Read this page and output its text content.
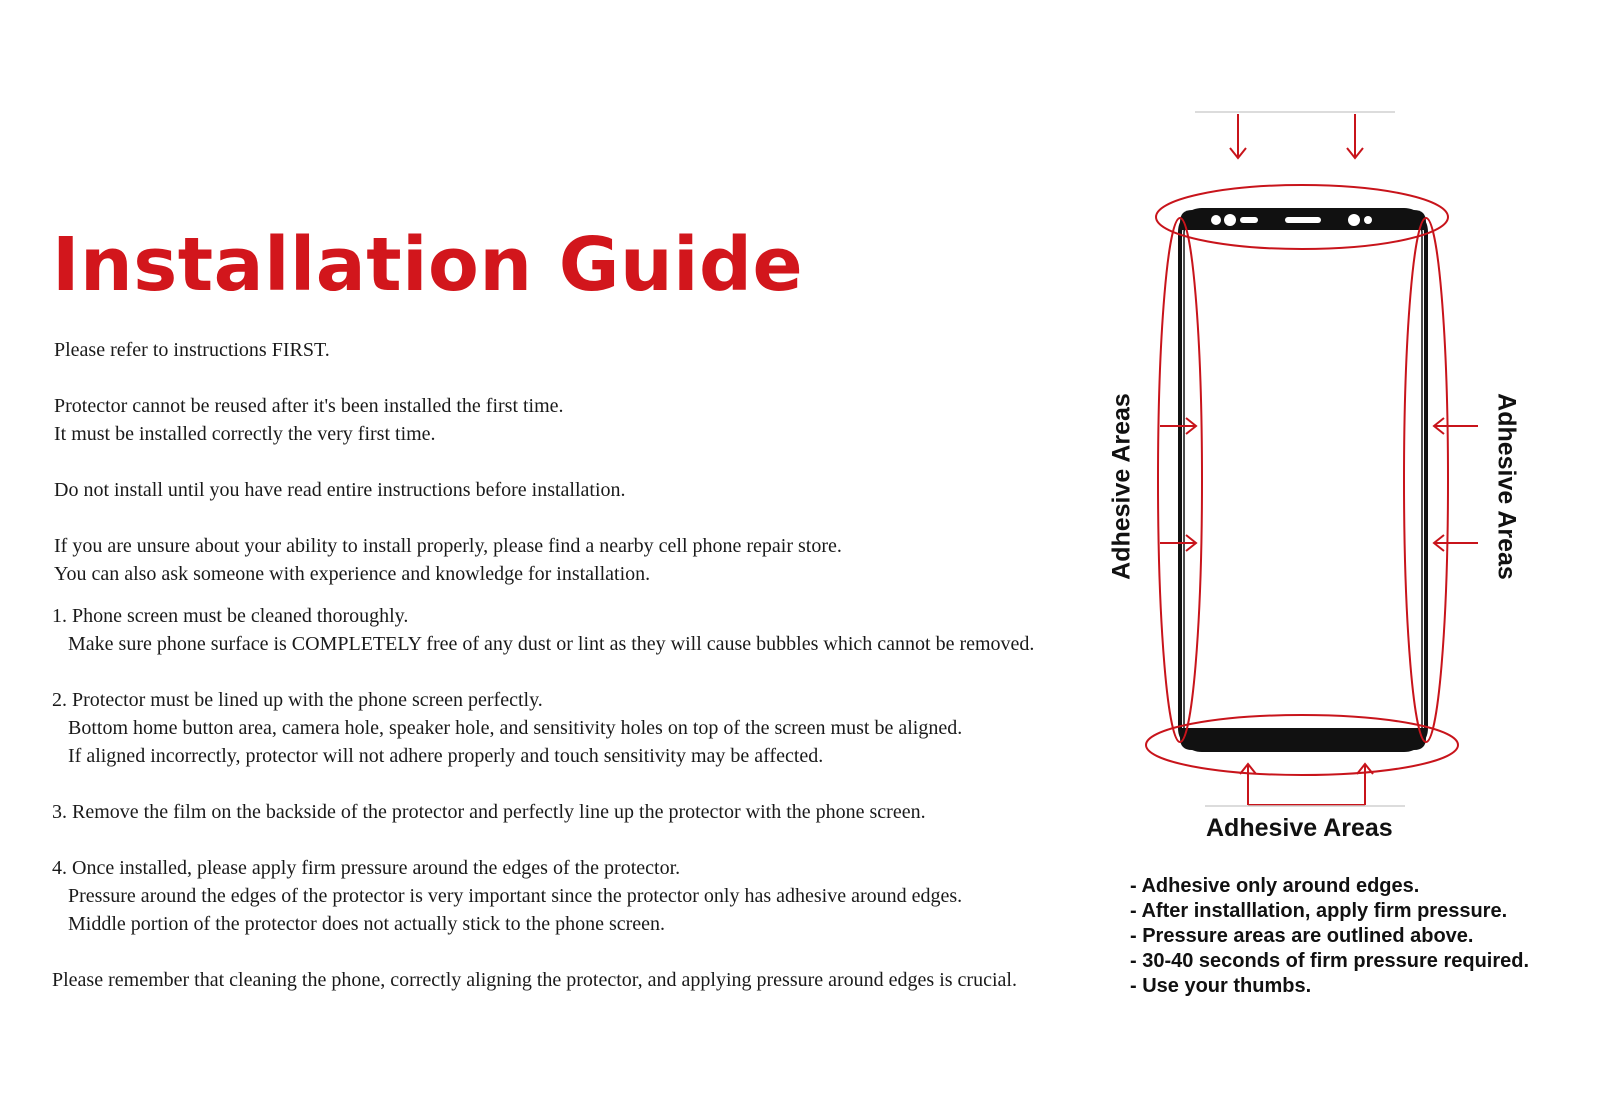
Installation Guide
Please refer to instructions FIRST.
Protector cannot be reused after it's been installed the first time.
It must be installed correctly the very first time.
Do not install until you have read entire instructions before installation.
If you are unsure about your ability to install properly, please find a nearby cell phone repair store.
You can also ask someone with experience and knowledge for installation.
1. Phone screen must be cleaned thoroughly.
Make sure phone surface is COMPLETELY free of any dust or lint as they will cause bubbles which cannot be removed.
2. Protector must be lined up with the phone screen perfectly.
Bottom home button area, camera hole, speaker hole, and sensitivity holes on top of the screen must be aligned.
If aligned incorrectly, protector will not adhere properly and touch sensitivity may be affected.
3. Remove the film on the backside of the protector and perfectly line up the protector with the phone screen.
4. Once installed, please apply firm pressure around the edges of the protector.
Pressure around the edges of the protector is very important since the protector only has adhesive around edges.
Middle portion of the protector does not actually stick to the phone screen.
Please remember that cleaning the phone, correctly aligning the protector, and applying pressure around edges is crucial.
Adhesive Areas	Adhesive Areas
Adhesive Areas
- Adhesive only around edges.
- After installlation, apply firm pressure.
- Pressure areas are outlined above.
- 30-40 seconds of firm pressure required.
- Use your thumbs.
